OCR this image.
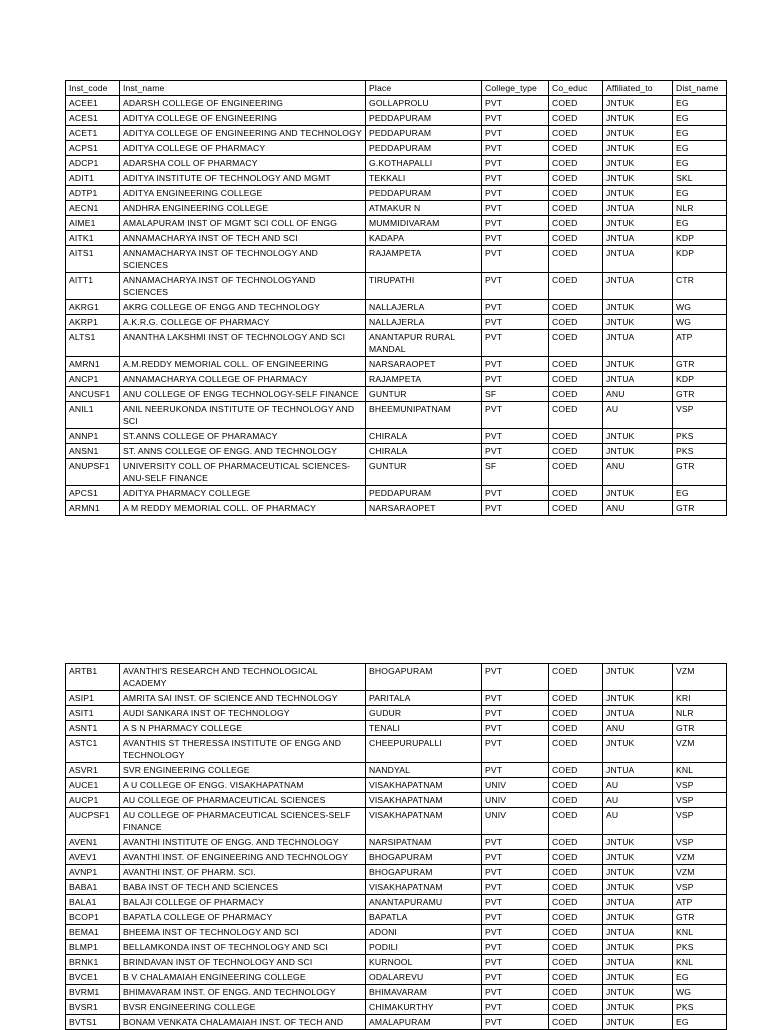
Inst_code	Inst_name	Place	College_type	Co_educ	Affiliated_to	Dist_name
ACEE1	ADARSH COLLEGE OF ENGINEERING	GOLLAPROLU	PVT	COED	JNTUK	EG
ACES1	ADITYA COLLEGE OF ENGINEERING	PEDDAPURAM	PVT	COED	JNTUK	EG
ACET1	ADITYA COLLEGE OF ENGINEERING AND TECHNOLOGY	PEDDAPURAM	PVT	COED	JNTUK	EG
ACPS1	ADITYA COLLEGE OF PHARMACY	PEDDAPURAM	PVT	COED	JNTUK	EG
ADCP1	ADARSHA COLL OF PHARMACY	G.KOTHAPALLI	PVT	COED	JNTUK	EG
ADIT1	ADITYA INSTITUTE OF TECHNOLOGY AND MGMT	TEKKALI	PVT	COED	JNTUK	SKL
ADTP1	ADITYA ENGINEERING COLLEGE	PEDDAPURAM	PVT	COED	JNTUK	EG
AECN1	ANDHRA ENGINEERING COLLEGE	ATMAKUR N	PVT	COED	JNTUA	NLR
AIME1	AMALAPURAM INST OF MGMT SCI COLL OF ENGG	MUMMIDIVARAM	PVT	COED	JNTUK	EG
AITK1	ANNAMACHARYA INST OF TECH AND SCI	KADAPA	PVT	COED	JNTUA	KDP
AITS1	ANNAMACHARYA INST OF TECHNOLOGY AND SCIENCES	RAJAMPETA	PVT	COED	JNTUA	KDP
AITT1	ANNAMACHARYA INST OF TECHNOLOGYAND SCIENCES	TIRUPATHI	PVT	COED	JNTUA	CTR
AKRG1	AKRG COLLEGE OF ENGG AND TECHNOLOGY	NALLAJERLA	PVT	COED	JNTUK	WG
AKRP1	A.K.R.G. COLLEGE OF PHARMACY	NALLAJERLA	PVT	COED	JNTUK	WG
ALTS1	ANANTHA LAKSHMI INST OF TECHNOLOGY AND SCI	ANANTAPUR RURAL MANDAL	PVT	COED	JNTUA	ATP
AMRN1	A.M.REDDY MEMORIAL COLL. OF ENGINEERING	NARSARAOPET	PVT	COED	JNTUK	GTR
ANCP1	ANNAMACHARYA COLLEGE OF PHARMACY	RAJAMPETA	PVT	COED	JNTUA	KDP
ANCUSF1	ANU COLLEGE OF ENGG TECHNOLOGY-SELF FINANCE	GUNTUR	SF	COED	ANU	GTR
ANIL1	ANIL NEERUKONDA INSTITUTE OF TECHNOLOGY AND SCI	BHEEMUNIPATNAM	PVT	COED	AU	VSP
ANNP1	ST.ANNS COLLEGE OF PHARAMACY	CHIRALA	PVT	COED	JNTUK	PKS
ANSN1	ST. ANNS COLLEGE OF ENGG. AND TECHNOLOGY	CHIRALA	PVT	COED	JNTUK	PKS
ANUPSF1	UNIVERSITY COLL OF PHARMACEUTICAL SCIENCES-ANU-SELF FINANCE	GUNTUR	SF	COED	ANU	GTR
APCS1	ADITYA PHARMACY COLLEGE	PEDDAPURAM	PVT	COED	JNTUK	EG
ARMN1	A M REDDY MEMORIAL COLL. OF PHARMACY	NARSARAOPET	PVT	COED	ANU	GTR
ARTB1	AVANTHI'S RESEARCH AND TECHNOLOGICAL ACADEMY	BHOGAPURAM	PVT	COED	JNTUK	VZM
ASIP1	AMRITA SAI INST. OF SCIENCE AND TECHNOLOGY	PARITALA	PVT	COED	JNTUK	KRI
ASIT1	AUDI SANKARA INST OF TECHNOLOGY	GUDUR	PVT	COED	JNTUA	NLR
ASNT1	A S N PHARMACY COLLEGE	TENALI	PVT	COED	ANU	GTR
ASTC1	AVANTHIS ST THERESSA INSTITUTE OF ENGG AND TECHNOLOGY	CHEEPURUPALLI	PVT	COED	JNTUK	VZM
ASVR1	SVR ENGINEERING COLLEGE	NANDYAL	PVT	COED	JNTUA	KNL
AUCE1	A U COLLEGE OF ENGG. VISAKHAPATNAM	VISAKHAPATNAM	UNIV	COED	AU	VSP
AUCP1	AU COLLEGE OF PHARMACEUTICAL SCIENCES	VISAKHAPATNAM	UNIV	COED	AU	VSP
AUCPSF1	AU COLLEGE OF PHARMACEUTICAL SCIENCES-SELF FINANCE	VISAKHAPATNAM	UNIV	COED	AU	VSP
AVEN1	AVANTHI INSTITUTE OF ENGG. AND TECHNOLOGY	NARSIPATNAM	PVT	COED	JNTUK	VSP
AVEV1	AVANTHI INST. OF ENGINEERING AND TECHNOLOGY	BHOGAPURAM	PVT	COED	JNTUK	VZM
AVNP1	AVANTHI INST. OF PHARM. SCI.	BHOGAPURAM	PVT	COED	JNTUK	VZM
BABA1	BABA INST OF TECH AND SCIENCES	VISAKHAPATNAM	PVT	COED	JNTUK	VSP
BALA1	BALAJI COLLEGE OF PHARMACY	ANANTAPURAMU	PVT	COED	JNTUA	ATP
BCOP1	BAPATLA COLLEGE OF PHARMACY	BAPATLA	PVT	COED	JNTUK	GTR
BEMA1	BHEEMA INST OF TECHNOLOGY AND SCI	ADONI	PVT	COED	JNTUA	KNL
BLMP1	BELLAMKONDA INST OF TECHNOLOGY AND SCI	PODILI	PVT	COED	JNTUK	PKS
BRNK1	BRINDAVAN INST OF TECHNOLOGY AND SCI	KURNOOL	PVT	COED	JNTUA	KNL
BVCE1	B V CHALAMAIAH ENGINEERING COLLEGE	ODALAREVU	PVT	COED	JNTUK	EG
BVRM1	BHIMAVARAM INST. OF ENGG. AND TECHNOLOGY	BHIMAVARAM	PVT	COED	JNTUK	WG
BVSR1	BVSR ENGINEERING COLLEGE	CHIMAKURTHY	PVT	COED	JNTUK	PKS
BVTS1	BONAM VENKATA CHALAMAIAH INST. OF TECH AND	AMALAPURAM	PVT	COED	JNTUK	EG
